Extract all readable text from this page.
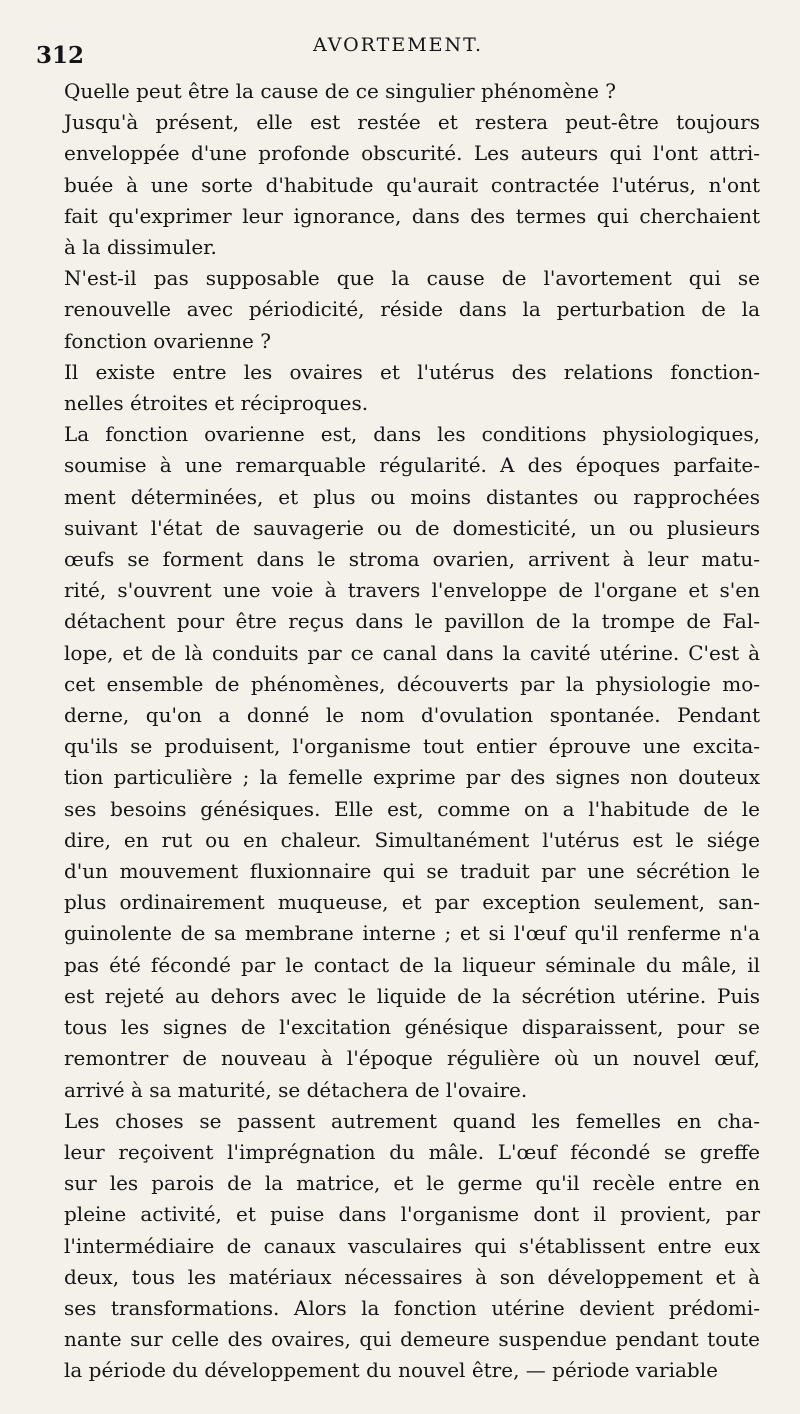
312	AVORTEMENT.

Quelle peut être la cause de ce singulier phénomène ?

Jusqu'à présent, elle est restée et restera peut-être toujours
enveloppée d'une profonde obscurité. Les auteurs qui l'ont attri-
buée à une sorte d'habitude qu'aurait contractée l'utérus, n'ont
fait qu'exprimer leur ignorance, dans des termes qui cherchaient
à la dissimuler.

N'est-il pas supposable que la cause de l'avortement qui se
renouvelle avec périodicité, réside dans la perturbation de la
fonction ovarienne ?

Il existe entre les ovaires et l'utérus des relations fonction-
nelles étroites et réciproques.

La fonction ovarienne est, dans les conditions physiologiques,
soumise à une remarquable régularité. A des époques parfaite-
ment déterminées, et plus ou moins distantes ou rapprochées
suivant l'état de sauvagerie ou de domesticité, un ou plusieurs
œufs se forment dans le stroma ovarien, arrivent à leur matu-
rité, s'ouvrent une voie à travers l'enveloppe de l'organe et s'en
détachent pour être reçus dans le pavillon de la trompe de Fal-
lope, et de là conduits par ce canal dans la cavité utérine. C'est à
cet ensemble de phénomènes, découverts par la physiologie mo-
derne, qu'on a donné le nom d'ovulation spontanée. Pendant
qu'ils se produisent, l'organisme tout entier éprouve une excita-
tion particulière ; la femelle exprime par des signes non douteux
ses besoins génésiques. Elle est, comme on a l'habitude de le
dire, en rut ou en chaleur. Simultanément l'utérus est le siége
d'un mouvement fluxionnaire qui se traduit par une sécrétion le
plus ordinairement muqueuse, et par exception seulement, san-
guinolente de sa membrane interne ; et si l'œuf qu'il renferme n'a
pas été fécondé par le contact de la liqueur séminale du mâle, il
est rejeté au dehors avec le liquide de la sécrétion utérine. Puis
tous les signes de l'excitation génésique disparaissent, pour se
remontrer de nouveau à l'époque régulière où un nouvel œuf,
arrivé à sa maturité, se détachera de l'ovaire.

Les choses se passent autrement quand les femelles en cha-
leur reçoivent l'imprégnation du mâle. L'œuf fécondé se greffe
sur les parois de la matrice, et le germe qu'il recèle entre en
pleine activité, et puise dans l'organisme dont il provient, par
l'intermédiaire de canaux vasculaires qui s'établissent entre eux
deux, tous les matériaux nécessaires à son développement et à
ses transformations. Alors la fonction utérine devient prédomi-
nante sur celle des ovaires, qui demeure suspendue pendant toute
la période du développement du nouvel être, — période variable
